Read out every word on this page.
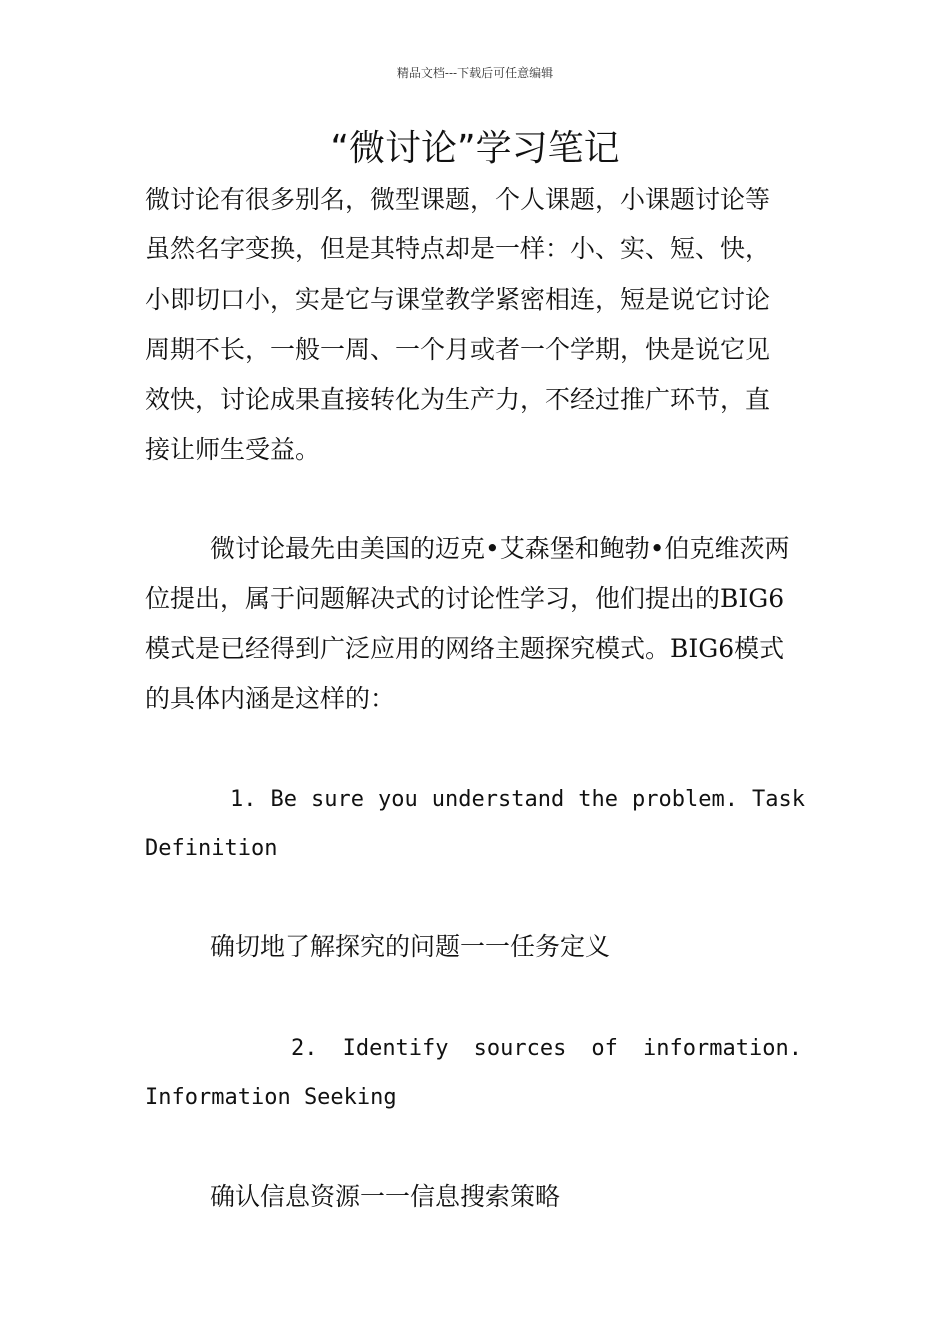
精品文档---下载后可任意编辑
“微讨论”学习笔记
微讨论有很多别名，微型课题，个人课题，小课题讨论等
虽然名字变换，但是其特点却是一样：小、实、短、快，
小即切口小，实是它与课堂教学紧密相连，短是说它讨论
周期不长，一般一周、一个月或者一个学期，快是说它见
效快，讨论成果直接转化为生产力，不经过推广环节，直
接让师生受益。
微讨论最先由美国的迈克•艾森堡和鲍勃•伯克维茨两
位提出，属于问题解决式的讨论性学习，他们提出的BIG6
模式是已经得到广泛应用的网络主题探究模式。BIG6模式
的具体内涵是这样的：
1. Be sure you understand the problem. Task
Definition
确切地了解探究的问题一一任务定义
2. Identify sources of information.
Information Seeking
确认信息资源一一信息搜索策略
